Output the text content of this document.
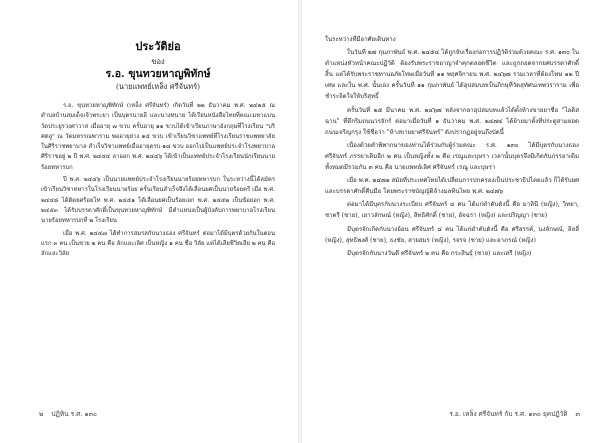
ประวัติย่อ
ของ
ร.อ. ขุนทวยหาญพิทักษ์
(นายแพทย์เหล็ง ศรีจันทร์)

ร.อ. ขุนทวยหาญพิทักษ์ (เหล็ง ศรีจันทร์) เกิดวันที่ ๒๒ ธันวาคม พ.ศ. ๒๔๒๕ ณ ตำบลบ้านสมเด็จเจ้าพระยา เป็นบุตรนายลี และนางหนาย ได้เรียนหนังสือไทยที่คณะมหาแบน วัดประยูรวงศาวาส เมื่ออายุ ๗ ขวบ ครั้นอายุ ๑๑ ขวบได้เข้าเรียนภาษาอังกฤษที่โรงเรียน "บริศตลู" ณ วัดมหรรณพาราม พออายุย่าง ๑๕ ขวบ เข้าเรียนวิชาแพทย์ที่โรงเรียนราชแพทยาลัยในศิริราชพยาบาล สำเร็จวิชาแพทย์เมื่ออายุครบ ๑๘ ขวบ ออกไปเป็นแพทย์ประจำโรงพยาบาลศิริราชอยู่ ๒ ปี พ.ศ. ๒๔๔๔ ลาออก พ.ศ. ๒๔๔๖ ได้เข้าเป็นแพทย์ประจำโรงเรียนนักเรียนนายร้อยทหารบก

ปี พ.ศ. ๒๔๔๖ เป็นนายแพทย์ประจำโรงเรียนนายร้อยทหารบก ในระหว่างนี้ได้สมัครเข้าเรียนวิชาทหารในโรงเรียนนายร้อย ครั้นเรียนสำเร็จจึงได้เลื่อนยศเป็นนายร้อยตรี เมื่อ พ.ศ. ๒๔๔๘ ได้ติดยศร้อยโท พ.ศ. ๒๔๕๑ ได้เลื่อนยศเป็นร้อยเอก พ.ศ. ๒๔๕๒ เป็นข้อยอก พ.ศ. ๒๔๕๓ ได้รับบรรดาศักดิ์เป็นขุนทวยหาญพิทักษ์ มีตำแหน่งเป็นผู้บังคับการพยาบาลโรงเรียนนายร้อยทหารบกที่ ๒ โรงเรียน

เมื่อ พ.ศ. ๒๔๔๗ ได้ทำการสมรสกับนางธอง ศรีจันทร์ ต่อมาได้มีบุตรด้วยกันในตอนแรก ๓ คน เป็นชาย ๒ คน คือ ลักและเลิศ เป็นหญิง ๑ คน ชื่อ วิลัย แต่ได้เสียชีวิตเสีย ๒ คน คือ ลักและวิลัย

๒ ปฏิทิน ร.ศ. ๑๓๐

ในระหว่างที่มีอาศัยเดินทาง

ในวันที่ ๒๗ กุมภาพันธ์ พ.ศ. ๒๔๕๔ ได้ถูกจับเรื่องก่อการปฏิวัติร่วมด้วยคณะ ร.ศ. ๑๓๐ ในตำแหน่งหัวหน้าคณะปฏิวัติ ต้องรับพระราชอาญาจำคุกตลอดชีวิต และถูกถอดจากยศบรรดาศักดิ์สิ้น แต่ได้รับพระราชทานอภัยโทษเมื่อวันที่ ๑๑ พฤศจิกายน พ.ศ. ๒๔๖๗ รวมเวลาที่ต้องโทษ ๑๒ ปีเศษ และใน พ.ศ. นั้นเอง ครั้นวันที่ ๑๑ กุมภาพันธ์ ได้อุปสมบทเป็นภิกษุที่วัดสุทัศนเทพวราราม เพื่อชำระจิตใจให้บริสุทธิ์

ครั้นวันที่ ๒๕ มีนาคม พ.ศ. ๒๔๖๗ หลังจากลาอุปสมบทแล้วได้ตั้งห้างขายยาชื่อ "ไอดิสฉาน" ที่ตึกริมถนนวรจักร์ ต่อมาเมื่อวันที่ ๑ ธันวาคม พ.ศ. ๒๔๗๔ ได้ย้ายมาตั้งที่ประตูสามยอด ถนนเจริญกรุง ใช้ชื่อว่า "ห้างขายยาศรีจันทร์" ดังปรากฏอยู่จนถึงบัดนี้

เนื่องด้วยคำพิพากษาของท่านได้ร่วมกับผู้ร่วมคณะ ร.ศ. ๑๓๐ ได้มีบุตรกับนางธอง ศรีจันทร์ ภรรยาเดิมอีก ๒ คน เป็นหญิงทั้ง ๒ คือ เรณูและบุษรา เวลานั้นบุตรจึงมีเกิดกับภรรยาเดิมทั้งหมดมีรวมกัน ๓ คน คือ นายแพทย์เลิศ ศรีจันทร์ เรณู และบุษรา

เมื่อ พ.ศ. ๒๔๗๑ สมัยที่ประเทศไทยได้เปลี่ยนการปกครองเป็นประชาธิปไตยแล้ว ก็ได้รับยศและบรรดาศักดิ์คืนมือ โดยพระราชบัญญัติล้างมลทินไทย พ.ศ. ๒๔๗๖

ต่อมาได้มีบุตรกับนางระเบียบ ศรีจันทร์ ๔ คน ได้แก่ตำดับดังนี้ คือ มาลินี (หญิง), วิทยา, ชาตรี (ชาย), เยาวลักษณ์ (หญิง), สิทธิศักดิ์ (ชาย), อัจฉรา (หญิง) และปริญญา (ชาย)

มีบุตรจักเกิดกับนางอ้อน ศรีจันทร์ ๔ คน ได้แก่ตำดับดังนี้ คือ ศรีสรรค์, นงลักษณ์, ลิลลี่ (หญิง), สุทธิพงศ์ (ชาย), ธงชัย, สายสมร (หญิง), รจรจ (ชาย) และอาภรณ์ (หญิง)

มีบุตรจักกับนางวันดี ศรีจันทร์ ๒ คน คือ กระสินธุ์ (ชาย) และเสรี (หญิง)

ร.อ. เหล็ง ศรีจันทร์ กับ ร.ศ. ๑๓๐ ยุคปฏิวัติ ๓
